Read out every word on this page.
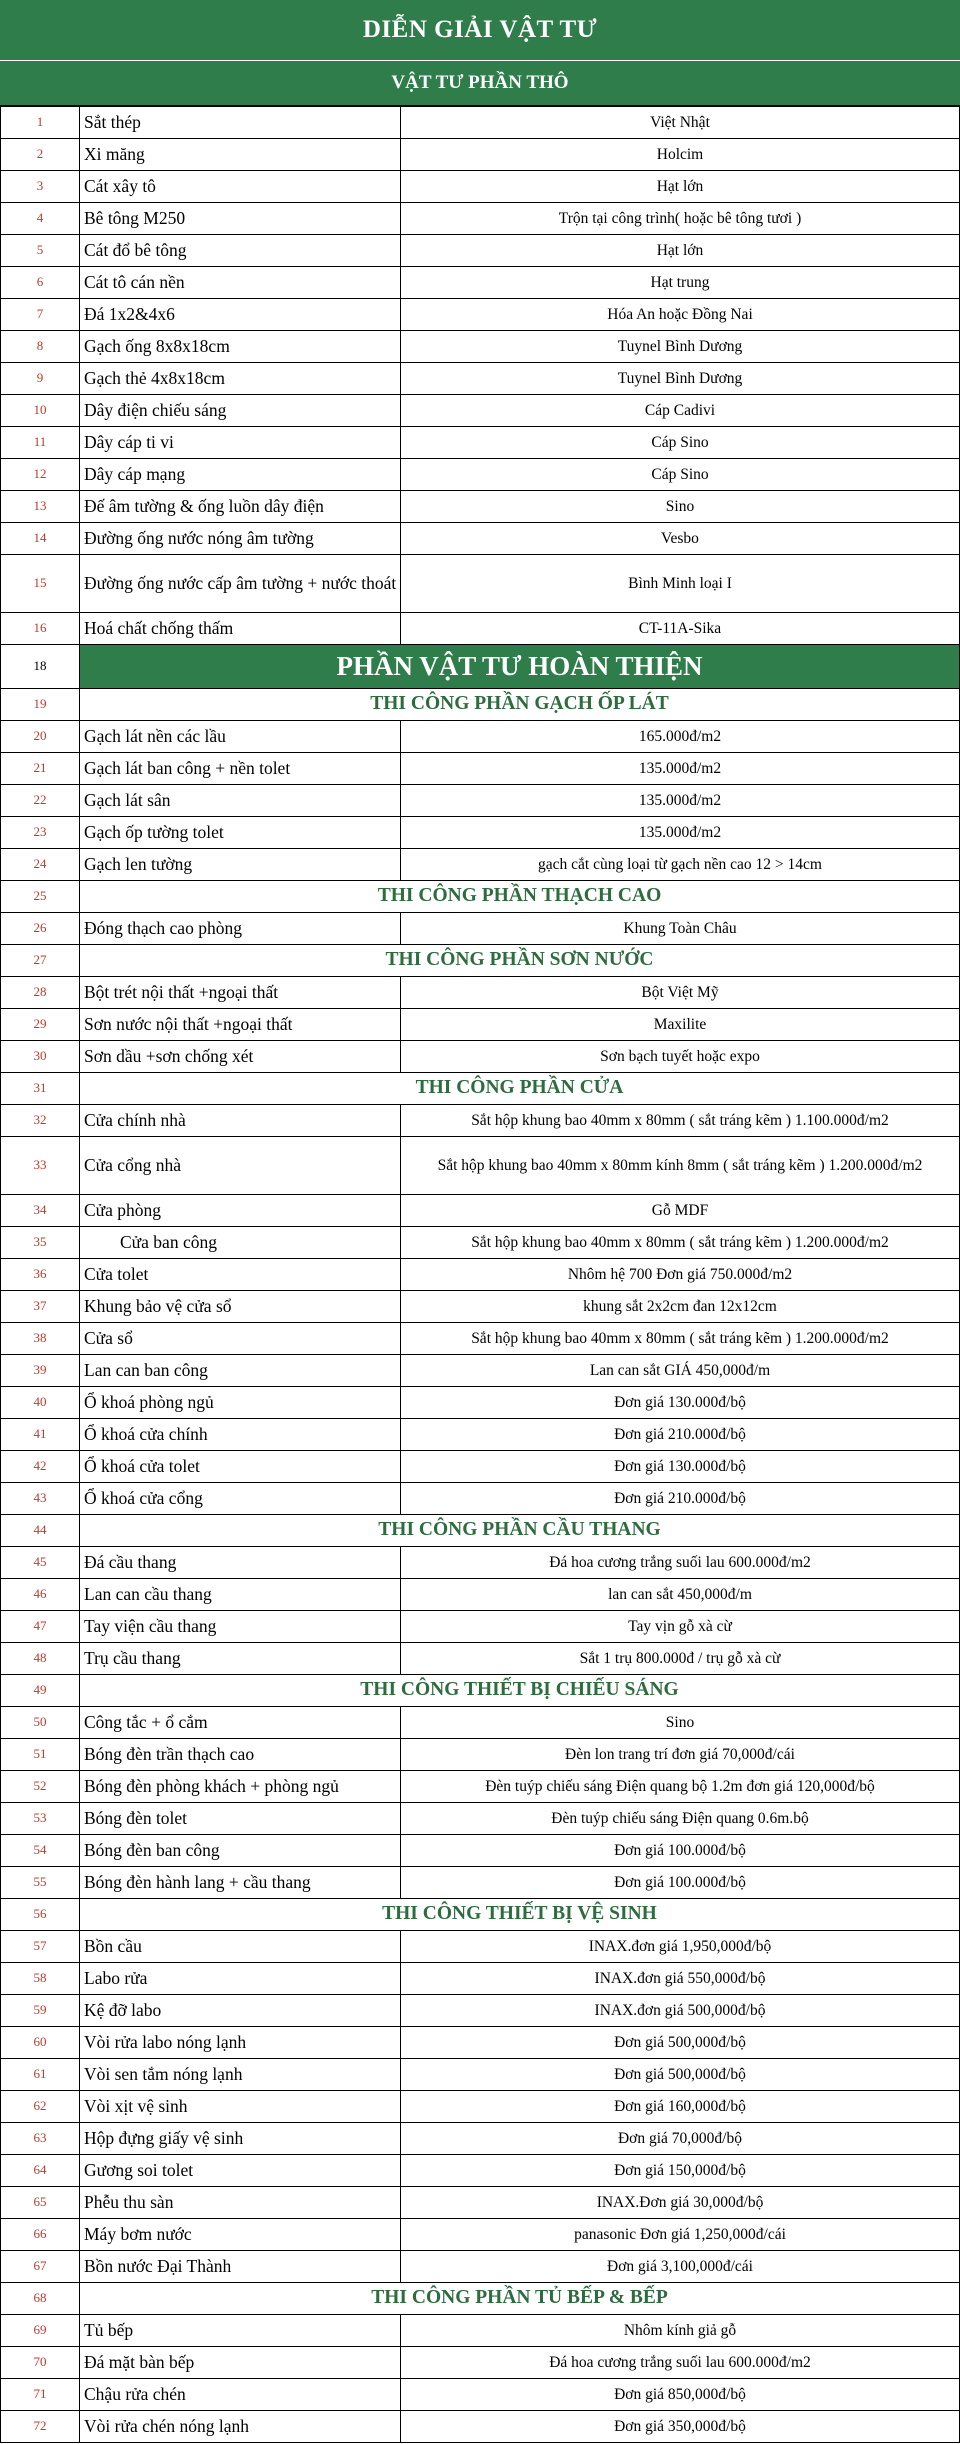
DIỄN GIẢI VẬT TƯ
VẬT TƯ PHẦN THÔ
1	Sắt thép	Việt Nhật
2	Xi măng	Holcim
3	Cát xây tô	Hạt lớn
4	Bê tông M250	Trộn tại công trình( hoặc bê tông tươi )
5	Cát đổ bê tông	Hạt lớn
6	Cát tô cán nền	Hạt trung
7	Đá 1x2&4x6	Hóa An hoặc Đồng Nai
8	Gạch ống 8x8x18cm	Tuynel Bình Dương
9	Gạch thẻ 4x8x18cm	Tuynel Bình Dương
10	Dây điện chiếu sáng	Cáp Cadivi
11	Dây cáp ti vi	Cáp Sino
12	Dây cáp mạng	Cáp Sino
13	Đế âm tường & ống luồn dây điện	Sino
14	Đường ống nước nóng âm tường	Vesbo
15	Đường ống nước cấp âm tường + nước thoát	Bình Minh loại I
16	Hoá chất chống thấm	CT-11A-Sika
18	PHẦN VẬT TƯ HOÀN THIỆN	
19	THI CÔNG PHẦN GẠCH ỐP LÁT	
20	Gạch lát nền các lầu	165.000đ/m2
21	Gạch lát ban công + nền tolet	135.000đ/m2
22	Gạch lát sân	135.000đ/m2
23	Gạch ốp tường tolet	135.000đ/m2
24	Gạch len tường	gạch cắt cùng loại từ gạch nền cao 12 > 14cm
25	THI CÔNG PHẦN THẠCH CAO	
26	Đóng thạch cao phòng	Khung Toàn Châu
27	THI CÔNG PHẦN SƠN NƯỚC	
28	Bột trét nội thất +ngoại thất	Bột Việt Mỹ
29	Sơn nước nội thất +ngoại thất	Maxilite
30	Sơn dầu +sơn chống xét	Sơn bạch tuyết hoặc expo
31	THI CÔNG PHẦN CỬA	
32	Cửa chính nhà	Sắt hộp khung bao 40mm x 80mm ( sắt tráng kẽm ) 1.100.000đ/m2
33	Cửa cổng nhà	Sắt hộp khung bao 40mm x 80mm kính 8mm ( sắt tráng kẽm ) 1.200.000đ/m2
34	Cửa phòng	Gỗ MDF
35	Cửa ban công	Sắt hộp khung bao 40mm x 80mm ( sắt tráng kẽm ) 1.200.000đ/m2
36	Cửa tolet	Nhôm hệ 700 Đơn giá 750.000đ/m2
37	Khung bảo vệ cửa sổ	khung sắt 2x2cm đan 12x12cm
38	Cửa sổ	Sắt hộp khung bao 40mm x 80mm ( sắt tráng kẽm ) 1.200.000đ/m2
39	Lan can ban công	Lan can sắt GIÁ 450,000đ/m
40	Ổ khoá phòng ngủ	Đơn giá 130.000đ/bộ
41	Ổ khoá cửa chính	Đơn giá 210.000đ/bộ
42	Ổ khoá cửa tolet	Đơn giá 130.000đ/bộ
43	Ổ khoá cửa cổng	Đơn giá 210.000đ/bộ
44	THI CÔNG PHẦN CẦU THANG	
45	Đá cầu thang	Đá hoa cương trắng suối lau 600.000đ/m2
46	Lan can cầu thang	lan can sắt 450,000đ/m
47	Tay viện cầu thang	Tay vịn gỗ xà cừ
48	Trụ cầu thang	Sắt 1 trụ 800.000đ / trụ gỗ xà cừ
49	THI CÔNG THIẾT BỊ CHIẾU SÁNG	
50	Công tắc + ổ cắm	Sino
51	Bóng đèn trần thạch cao	Đèn lon trang trí đơn giá 70,000đ/cái
52	Bóng đèn phòng khách + phòng ngủ	Đèn tuýp chiếu sáng Điện quang bộ 1.2m đơn giá 120,000đ/bộ
53	Bóng đèn tolet	Đèn tuýp chiếu sáng Điện quang 0.6m.bộ
54	Bóng đèn ban công	Đơn giá 100.000đ/bộ
55	Bóng đèn hành lang + cầu thang	Đơn giá 100.000đ/bộ
56	THI CÔNG THIẾT BỊ VỆ SINH	
57	Bồn cầu	INAX.đơn giá 1,950,000đ/bộ
58	Labo rửa	INAX.đơn giá 550,000đ/bộ
59	Kệ đỡ labo	INAX.đơn giá 500,000đ/bộ
60	Vòi rửa labo nóng lạnh	Đơn giá 500,000đ/bộ
61	Vòi sen tắm nóng lạnh	Đơn giá 500,000đ/bộ
62	Vòi xịt vệ sinh	Đơn giá 160,000đ/bộ
63	Hộp đựng giấy vệ sinh	Đơn giá 70,000đ/bộ
64	Gương soi tolet	Đơn giá 150,000đ/bộ
65	Phễu thu sàn	INAX.Đơn giá 30,000đ/bộ
66	Máy bơm nước	panasonic Đơn giá 1,250,000đ/cái
67	Bồn nước Đại Thành	Đơn giá 3,100,000đ/cái
68	THI CÔNG PHẦN TỦ BẾP & BẾP	
69	Tủ bếp	Nhôm kính giả gỗ
70	Đá mặt bàn bếp	Đá hoa cương trắng suối lau 600.000đ/m2
71	Chậu rửa chén	Đơn giá 850,000đ/bộ
72	Vòi rửa chén nóng lạnh	Đơn giá 350,000đ/bộ
